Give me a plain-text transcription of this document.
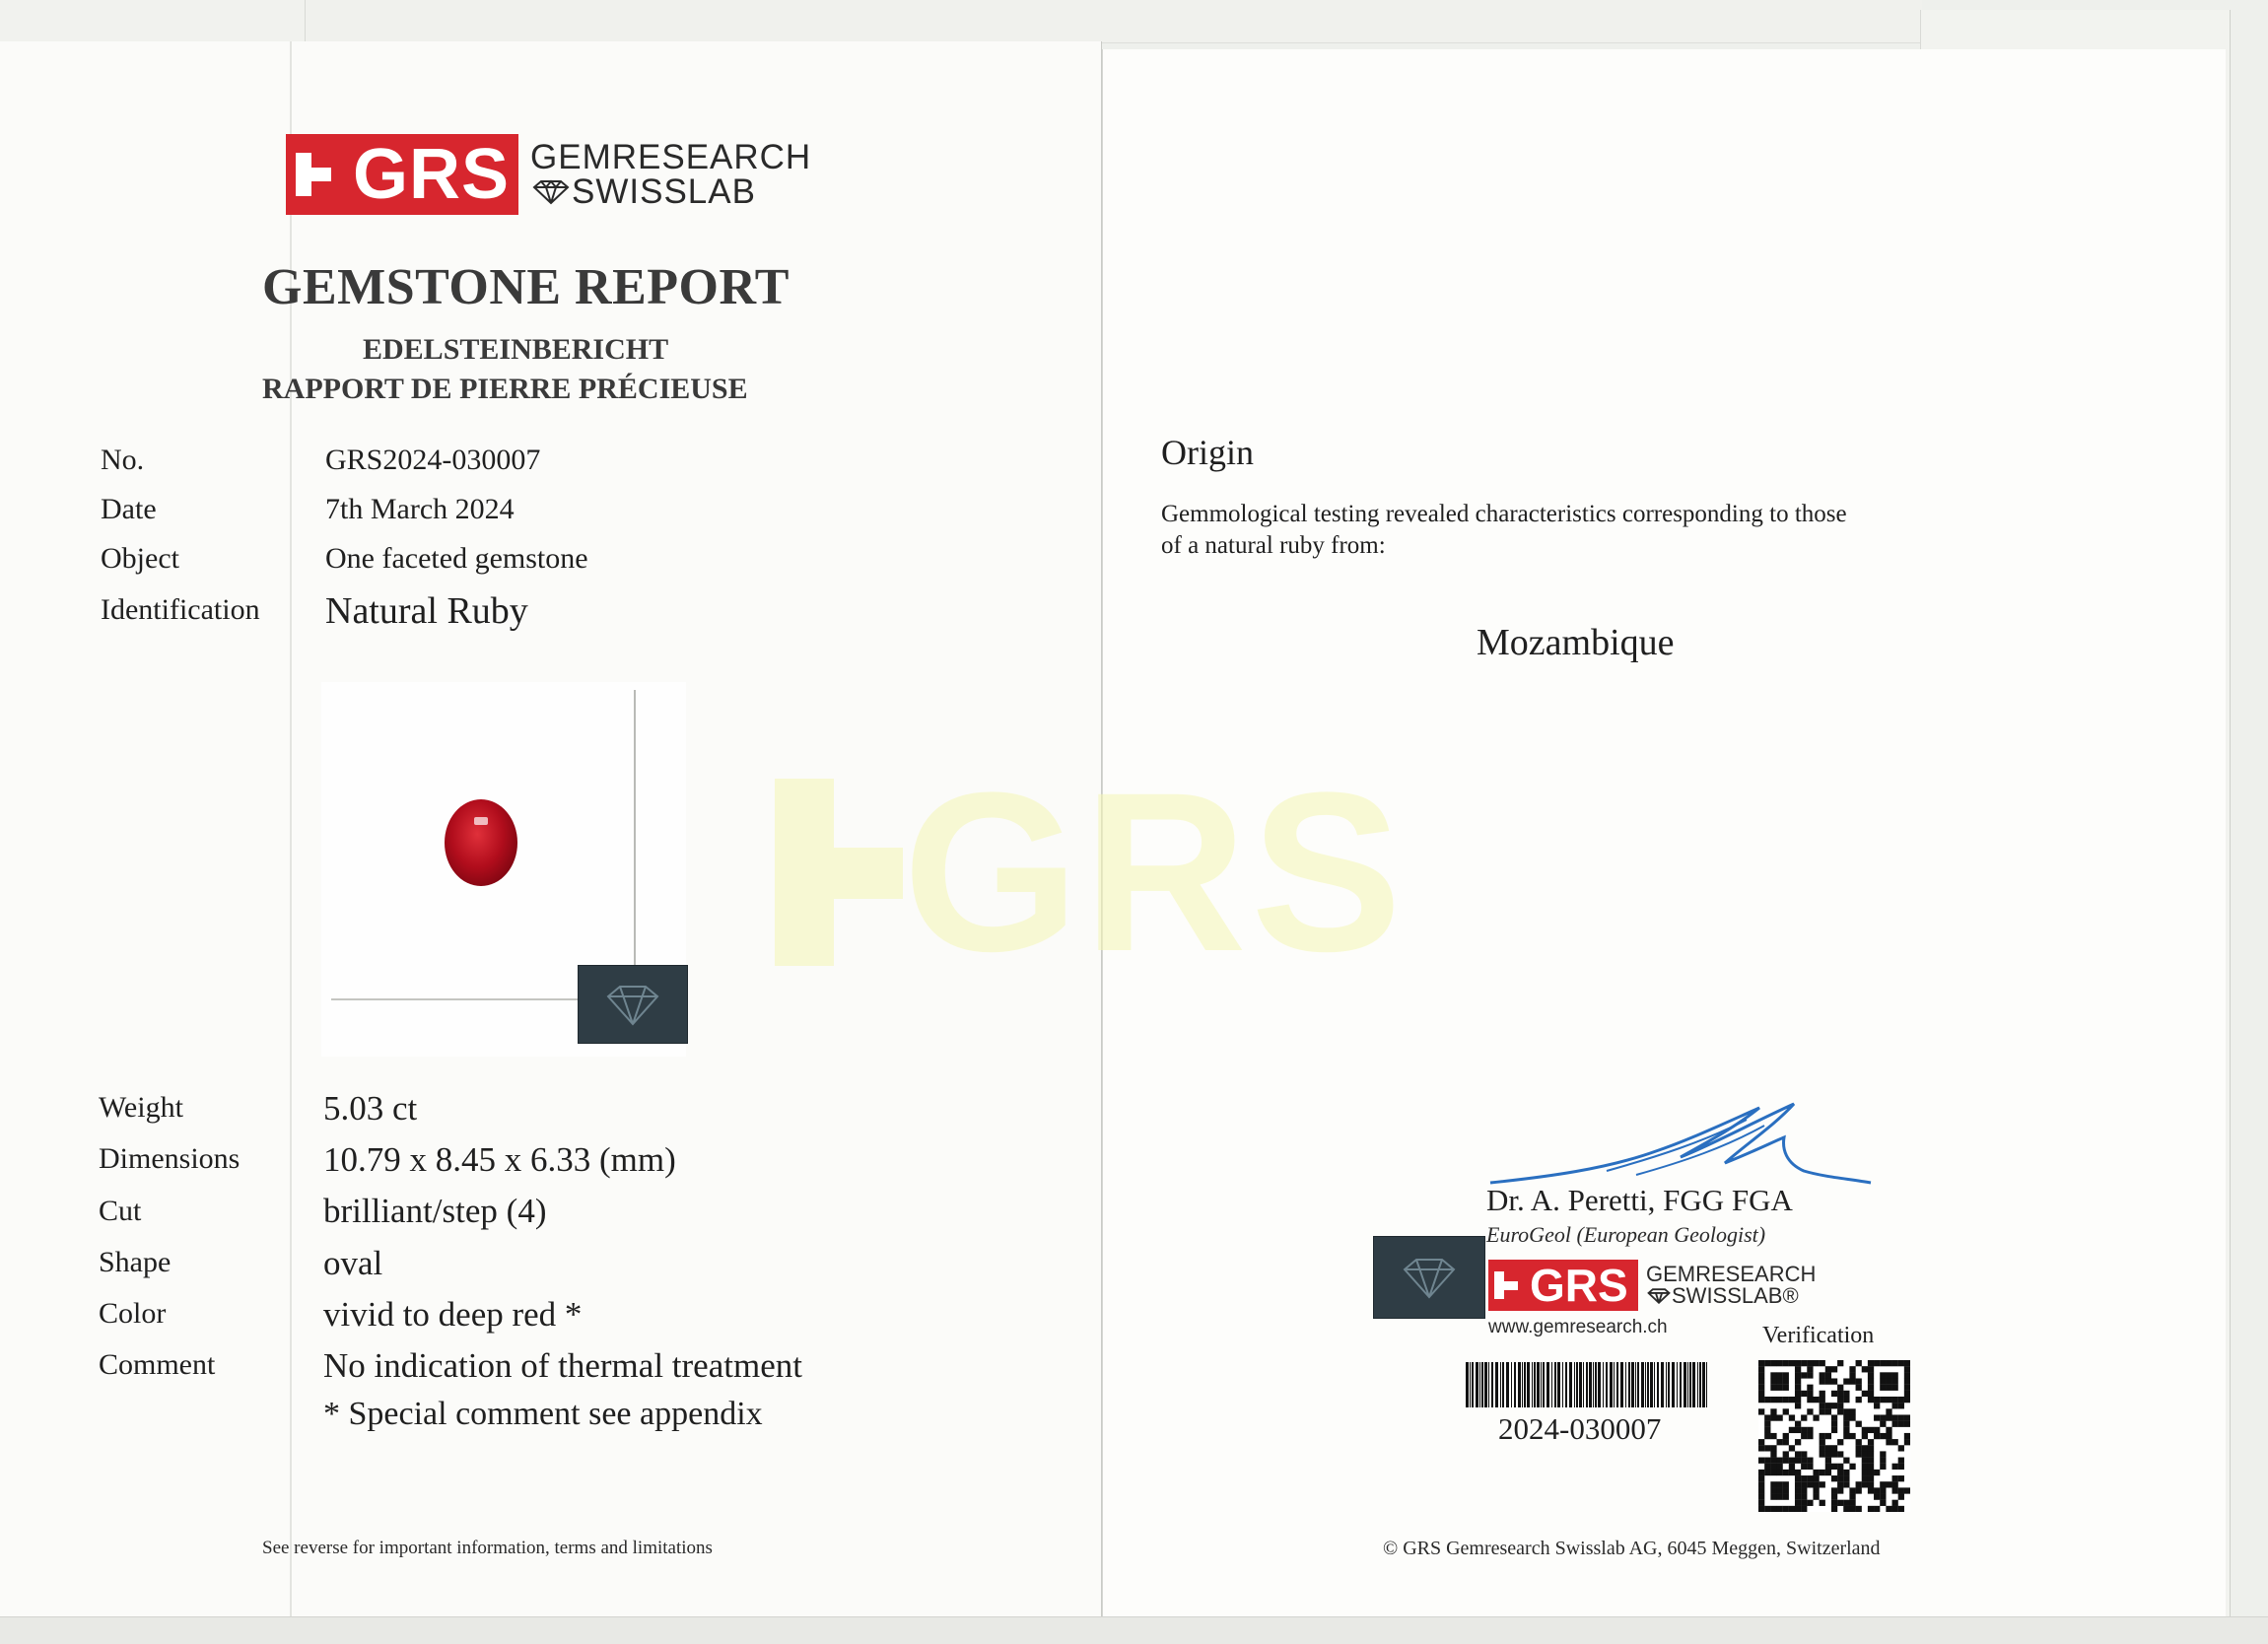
GRS
GRS GEMRESEARCH
SWISSLAB
GEMSTONE REPORT
EDELSTEINBERICHT
RAPPORT DE PIERRE PRÉCIEUSE
No.	GRS2024-030007
Date	7th March 2024
Object	One faceted gemstone
Identification Natural Ruby
Weight	5.03 ct
Dimensions 10.79 x 8.45 x 6.33 (mm)
Cut	brilliant/step (4)
Shape	oval
Color	vivid to deep red *
Comment	No indication of thermal treatment
* Special comment see appendix
See reverse for important information, terms and limitations
Origin
Gemmological testing revealed characteristics corresponding to those
of a natural ruby from:
Mozambique
Dr. A. Peretti, FGG FGA
EuroGeol (European Geologist)
GRS GEMRESEARCH
SWISSLAB®
www.gemresearch.ch	Verification
2024-030007
© GRS Gemresearch Swisslab AG, 6045 Meggen, Switzerland
